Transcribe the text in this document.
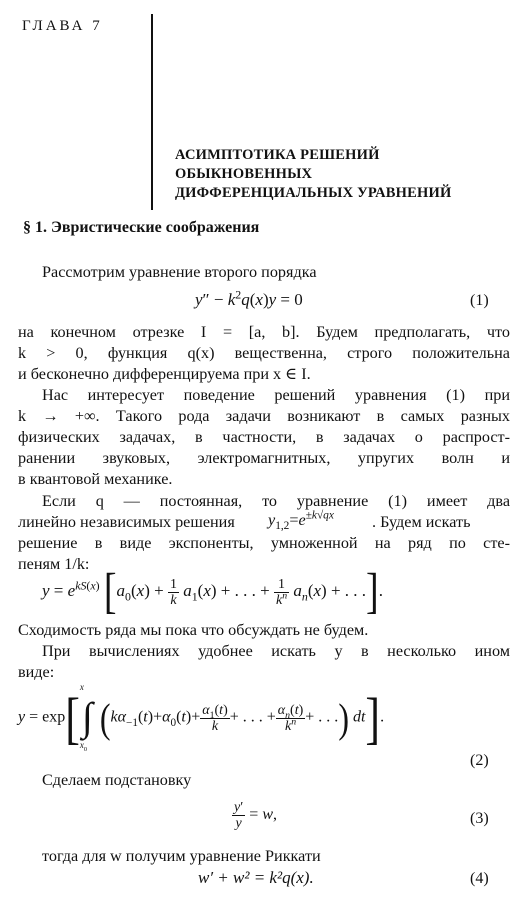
ГЛАВА 7
АСИМПТОТИКА РЕШЕНИЙ
ОБЫКНОВЕННЫХ
ДИФФЕРЕНЦИАЛЬНЫХ УРАВНЕНИЙ
§ 1. Эвристические соображения
Рассмотрим уравнение второго порядка
$y'' - k^2q(x)y = 0$	(1)
на конечном отрезке I = [a, b]. Будем предполагать, что
k > 0, функция q(x) вещественна, строго положительна
и бесконечно дифференцируема при x ∈ I.
Нас интересует поведение решений уравнения (1) при
k → +∞. Такого рода задачи возникают в самых разных
физических задачах, в частности, в задачах о распрост-
ранении звуковых, электромагнитных, упругих волн и
в квантовой механике.
Если q — постоянная, то уравнение (1) имеет два
линейно независимых решения $y_{1,2}=e^{\pm k√qx}$ . Будем искать
решение в виде экспоненты, умноженной на ряд по сте-
пеням 1/k:
$y = e^{kS(x)}$ [$a_0(x) + \frac{1}{k} a_1(x)$ + . . . + $\frac{1}{k^n} a_n(x)$ + . . .].
Сходимость ряда мы пока что обсуждать не будем.
При вычислениях удобнее искать y в несколько ином
виде:
y = exp[ x
∫
$x_0$
($k\alpha_{-1}(t)+\alpha_0(t)+ \frac{\alpha_1(t)}{k}$ + . . . + $\frac{\alpha_n(t)}{k^n}$ + . . .) dt].
(2)
Сделаем подстановку
$\frac{y'}{y} = w$,	(3)
тогда для w получим уравнение Риккати
w′ + w² = k²q(x).	(4)
